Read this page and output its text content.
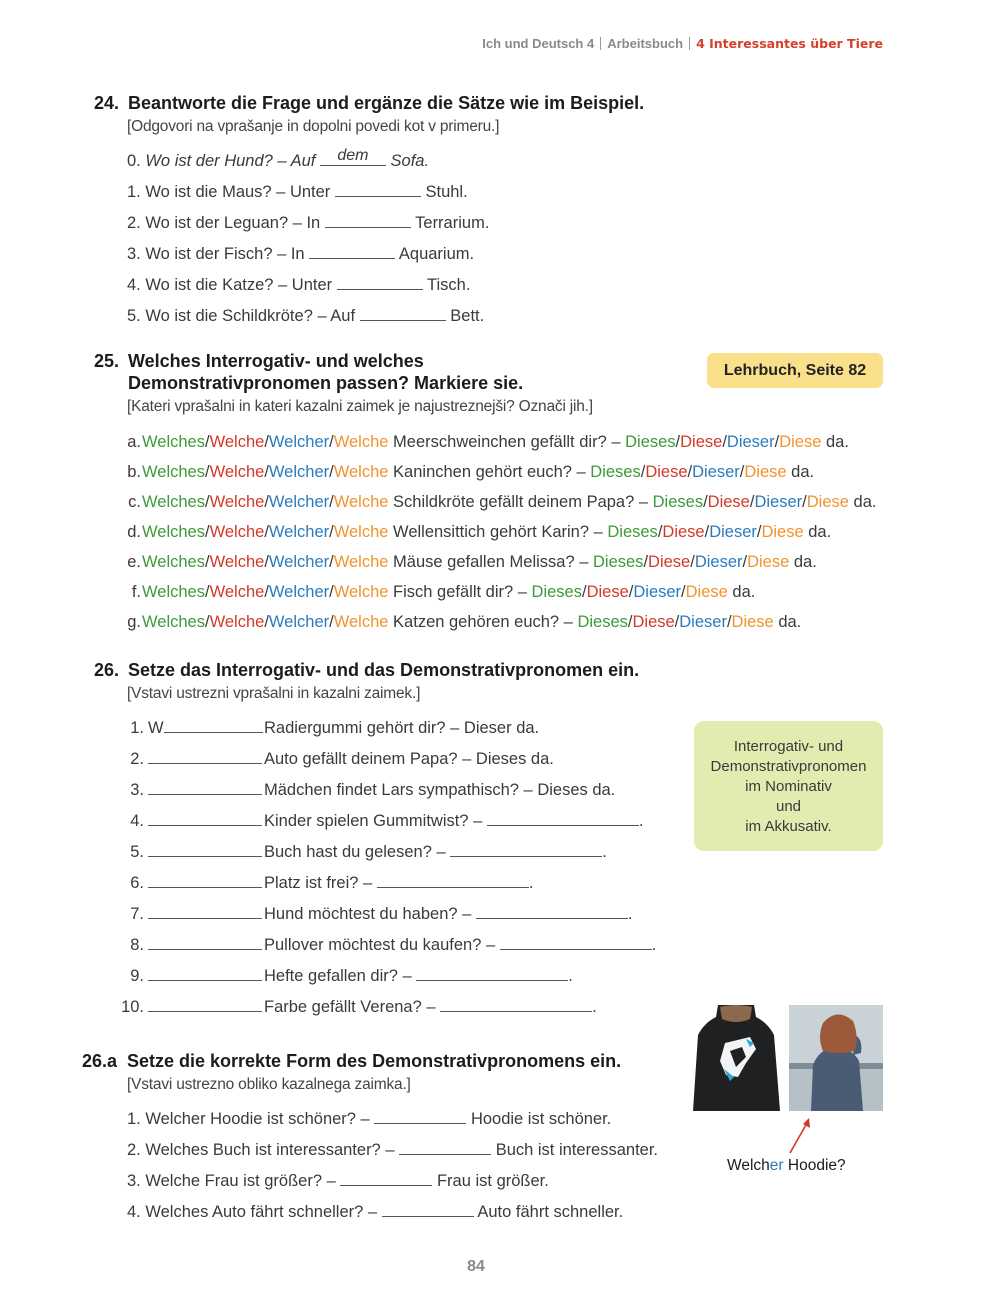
Ich und Deutsch 4 Arbeitsbuch 4 Interessantes über Tiere
24. Beantworte die Frage und ergänze die Sätze wie im Beispiel.
[Odgovori na vprašanje in dopolni povedi kot v primeru.]
0. Wo ist der Hund? – Auf	dem	Sofa.
1. Wo ist die Maus? – Unter	Stuhl.
2. Wo ist der Leguan? – In	Terrarium.
3. Wo ist der Fisch? – In	Aquarium.
4. Wo ist die Katze? – Unter	Tisch.
5. Wo ist die Schildkröte? – Auf	Bett.
25. Welches Interrogativ- und welches
Demonstrativpronomen passen? Markiere sie.
[Kateri vprašalni in kateri kazalni zaimek je najustreznejši? Označi jih.]
Lehrbuch, Seite 82
a.Welches/Welche/Welcher/Welche Meerschweinchen gefällt dir? – Dieses/Diese/Dieser/Diese da.
b.Welches/Welche/Welcher/Welche Kaninchen gehört euch? – Dieses/Diese/Dieser/Diese da.
c.Welches/Welche/Welcher/Welche Schildkröte gefällt deinem Papa? – Dieses/Diese/Dieser/Diese da.
d.Welches/Welche/Welcher/Welche Wellensittich gehört Karin? – Dieses/Diese/Dieser/Diese da.
e.Welches/Welche/Welcher/Welche Mäuse gefallen Melissa? – Dieses/Diese/Dieser/Diese da.
f.Welches/Welche/Welcher/Welche Fisch gefällt dir? – Dieses/Diese/Dieser/Diese da.
g.Welches/Welche/Welcher/Welche Katzen gehören euch? – Dieses/Diese/Dieser/Diese da.
26. Setze das Interrogativ- und das Demonstrativpronomen ein.
[Vstavi ustrezni vprašalni in kazalni zaimek.]
1. W	Radiergummi gehört dir? – Dieser da.
2.	Auto gefällt deinem Papa? – Dieses da.
3.	Mädchen findet Lars sympathisch? – Dieses da.
4.	Kinder spielen Gummitwist? –	.
5.	Buch hast du gelesen? –	.
6.	Platz ist frei? –	.
7.	Hund möchtest du haben? –	.
8.	Pullover möchtest du kaufen? –	.
9.	Hefte gefallen dir? –	.
10.	Farbe gefällt Verena? –	.
Interrogativ- und
Demonstrativpronomen
im Nominativ
und
im Akkusativ.
26.a Setze die korrekte Form des Demonstrativpronomens ein.
[Vstavi ustrezno obliko kazalnega zaimka.]
1. Welcher Hoodie ist schöner? –	Hoodie ist schöner.
2. Welches Buch ist interessanter? –	Buch ist interessanter.
3. Welche Frau ist größer? –	Frau ist größer.
4. Welches Auto fährt schneller? –	Auto fährt schneller.
Welcher Hoodie?
84
